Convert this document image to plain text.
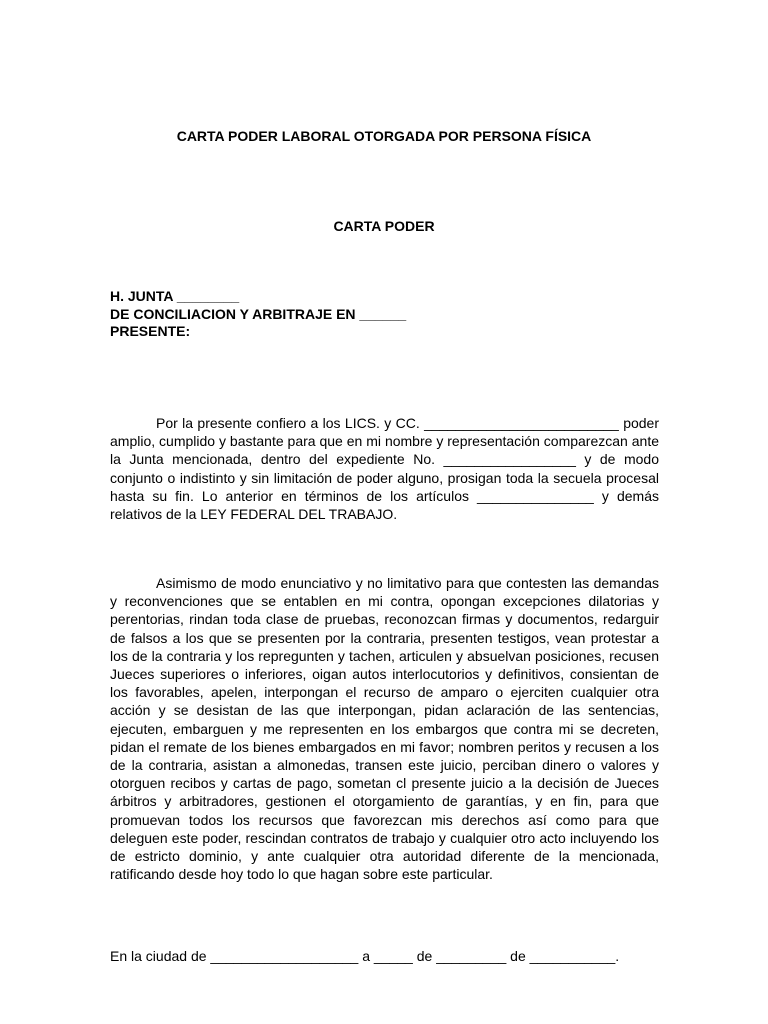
CARTA PODER LABORAL OTORGADA POR PERSONA FÍSICA
CARTA PODER
H. JUNTA ________
DE CONCILIACION Y ARBITRAJE EN ______
PRESENTE:

Por la presente confiero a los LICS. y CC. _________________________ poder amplio, cumplido y bastante para que en mi nombre y representación comparezcan ante la Junta mencionada, dentro del expediente No. _________________ y de modo conjunto o indistinto y sin limitación de poder alguno, prosigan toda la secuela procesal hasta su fin. Lo anterior en términos de los artículos _______________ y demás relativos de la LEY FEDERAL DEL TRABAJO.

Asimismo de modo enunciativo y no limitativo para que contesten las demandas y reconvenciones que se entablen en mi contra, opongan excepciones dilatorias y perentorias, rindan toda clase de pruebas, reconozcan firmas y documentos, redarguir de falsos a los que se presenten por la contraria, presenten testigos, vean protestar a los de la contraria y los repregunten y tachen, articulen y absuelvan posiciones, recusen Jueces superiores o inferiores, oigan autos interlocutorios y definitivos, consientan de los favorables, apelen, interpongan el recurso de amparo o ejerciten cualquier otra acción y se desistan de las que interpongan, pidan aclaración de las sentencias, ejecuten, embarguen y me representen en los embargos que contra mi se decreten, pidan el remate de los bienes embargados en mi favor; nombren peritos y recusen a los de la contraria, asistan a almonedas, transen este juicio, perciban dinero o valores y otorguen recibos y cartas de pago, sometan cl presente juicio a la decisión de Jueces árbitros y arbitradores, gestionen el otorgamiento de garantías, y en fin, para que promuevan todos los recursos que favorezcan mis derechos así como para que deleguen este poder, rescindan contratos de trabajo y cualquier otro acto incluyendo los de estricto dominio, y ante cualquier otra autoridad diferente de la mencionada, ratificando desde hoy todo lo que hagan sobre este particular.

En la ciudad de ___________________ a _____ de _________ de ___________.
